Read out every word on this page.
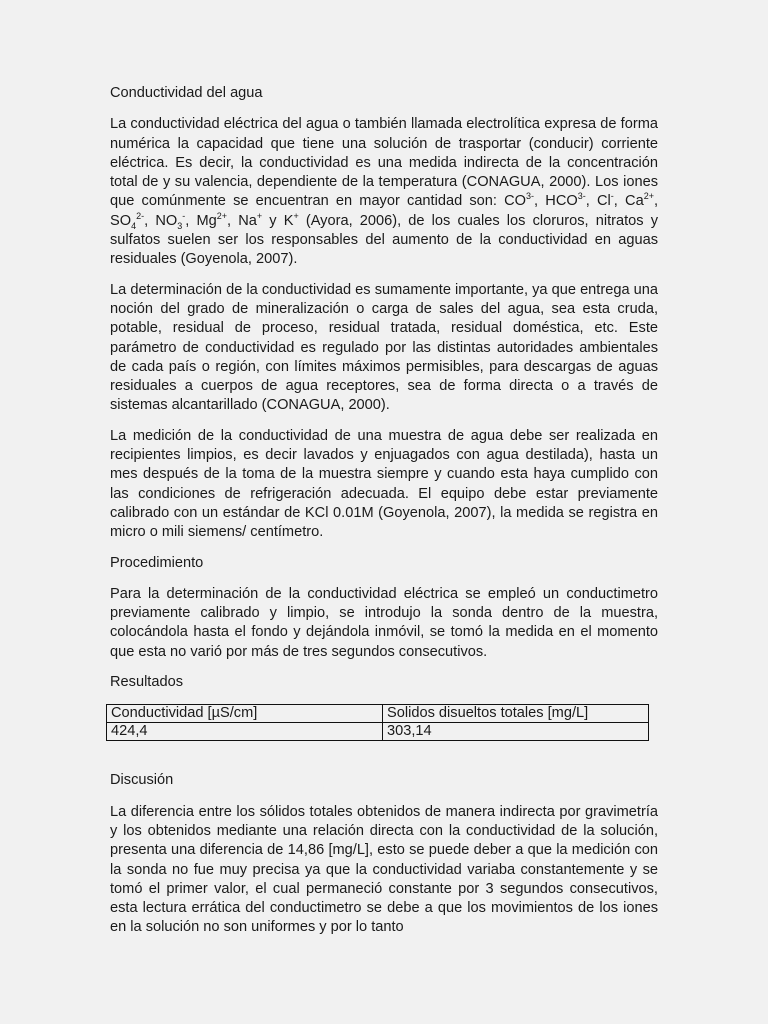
Conductividad del agua

La conductividad eléctrica del agua o también llamada electrolítica expresa de forma numérica la capacidad que tiene una solución de trasportar (conducir) corriente eléctrica. Es decir, la conductividad es una medida indirecta de la concentración total de y su valencia, dependiente de la temperatura (CONAGUA, 2000). Los iones que comúnmente se encuentran en mayor cantidad son: $CO^{3-}$, $HCO^{3-}$, Cl-, $Ca^{2+}$, $SO_4^{2-}$, $NO_3^-$, $Mg^{2+}$, Na+ y K+ (Ayora, 2006), de los cuales los cloruros, nitratos y sulfatos suelen ser los responsables del aumento de la conductividad en aguas residuales (Goyenola, 2007).

La determinación de la conductividad es sumamente importante, ya que entrega una noción del grado de mineralización o carga de sales del agua, sea esta cruda, potable, residual de proceso, residual tratada, residual doméstica, etc. Este parámetro de conductividad es regulado por las distintas autoridades ambientales de cada país o región, con límites máximos permisibles, para descargas de aguas residuales a cuerpos de agua receptores, sea de forma directa o a través de sistemas alcantarillado (CONAGUA, 2000).

La medición de la conductividad de una muestra de agua debe ser realizada en recipientes limpios, es decir lavados y enjuagados con agua destilada), hasta un mes después de la toma de la muestra siempre y cuando esta haya cumplido con las condiciones de refrigeración adecuada. El equipo debe estar previamente calibrado con un estándar de KCl 0.01M (Goyenola, 2007), la medida se registra en micro o mili siemens/ centímetro.

Procedimiento

Para la determinación de la conductividad eléctrica se empleó un conductimetro previamente calibrado y limpio, se introdujo la sonda dentro de la muestra, colocándola hasta el fondo y dejándola inmóvil, se tomó la medida en el momento que esta no varió por más de tres segundos consecutivos.

Resultados
Conductividad [µS/cm]	Solidos disueltos totales [mg/L]
424,4	303,14
Discusión

La diferencia entre los sólidos totales obtenidos de manera indirecta por gravimetría y los obtenidos mediante una relación directa con la conductividad de la solución, presenta una diferencia de 14,86 [mg/L], esto se puede deber a que la medición con la sonda no fue muy precisa ya que la conductividad variaba constantemente y se tomó el primer valor, el cual permaneció constante por 3 segundos consecutivos, esta lectura errática del conductimetro se debe a que los movimientos de los iones en la solución no son uniformes y por lo tanto
